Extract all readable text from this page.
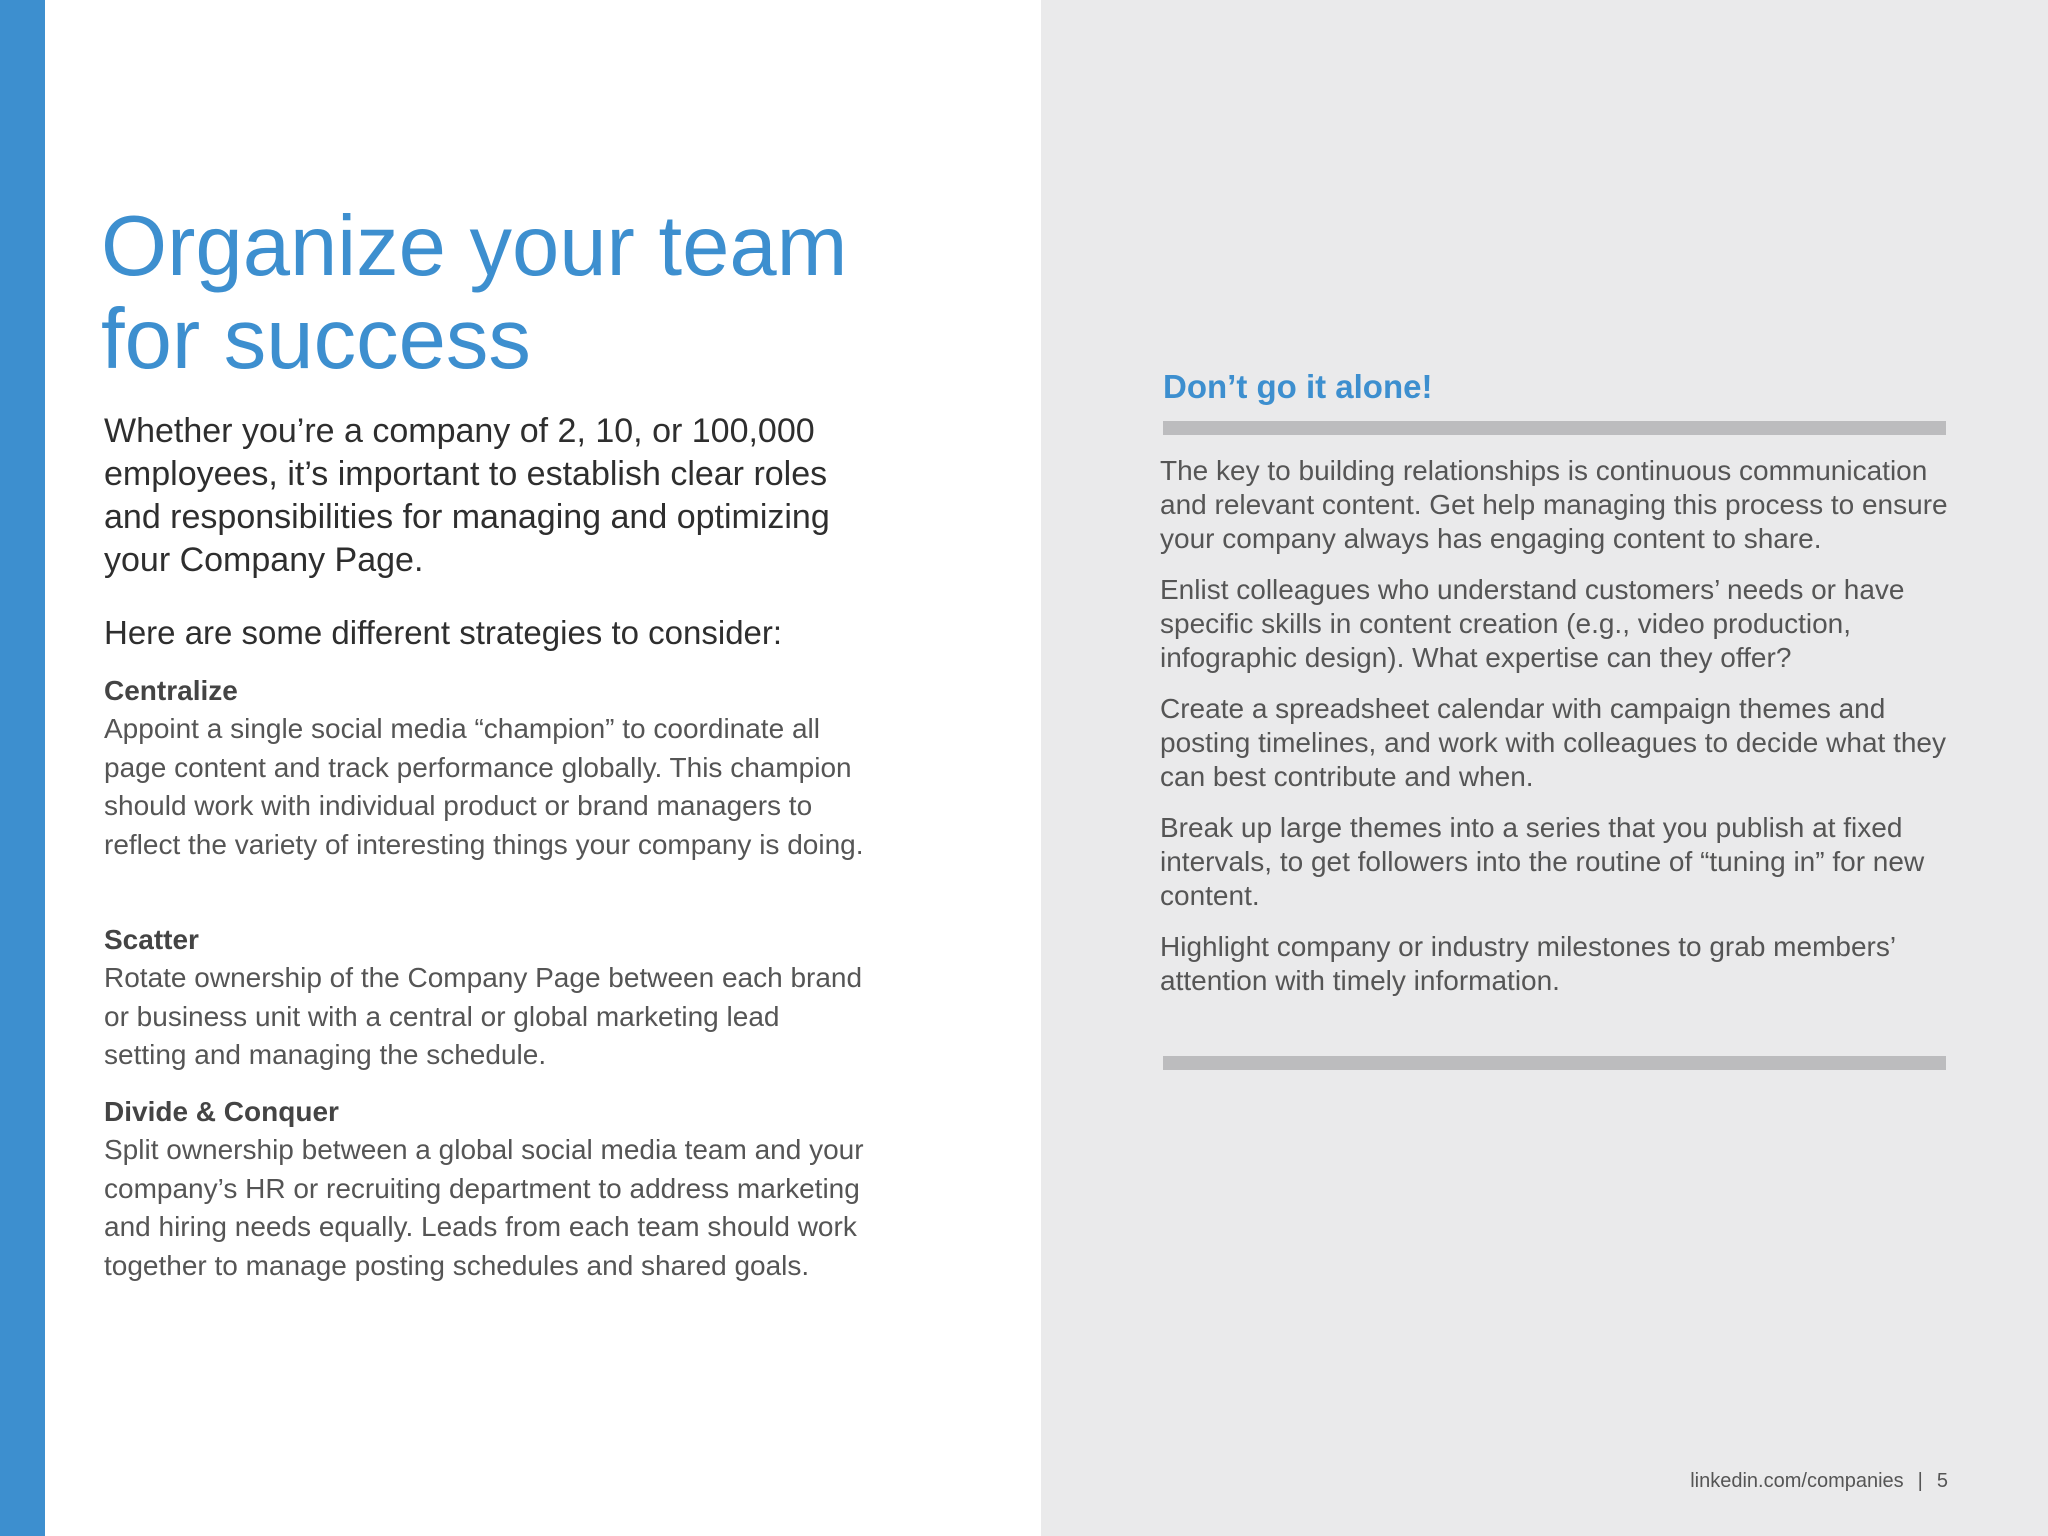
Organize your team
for success

Whether you’re a company of 2, 10, or 100,000 employees, it’s important to establish clear roles and responsibilities for managing and optimizing your Company Page.

Here are some different strategies to consider:

Centralize

Appoint a single social media “champion” to coordinate all page content and track performance globally. This champion should work with individual product or brand managers to reflect the variety of interesting things your company is doing.

Scatter

Rotate ownership of the Company Page between each brand or business unit with a central or global marketing lead setting and managing the schedule.

Divide & Conquer

Split ownership between a global social media team and your company’s HR or recruiting department to address marketing and hiring needs equally. Leads from each team should work together to manage posting schedules and shared goals.

Don’t go it alone!

The key to building relationships is continuous communication and relevant content. Get help managing this process to ensure your company always has engaging content to share.

Enlist colleagues who understand customers’ needs or have specific skills in content creation (e.g., video production, infographic design). What expertise can they offer?

Create a spreadsheet calendar with campaign themes and posting timelines, and work with colleagues to decide what they can best contribute and when.

Break up large themes into a series that you publish at fixed intervals, to get followers into the routine of “tuning in” for new content.

Highlight company or industry milestones to grab members’ attention with timely information.

linkedin.com/companies | 5
